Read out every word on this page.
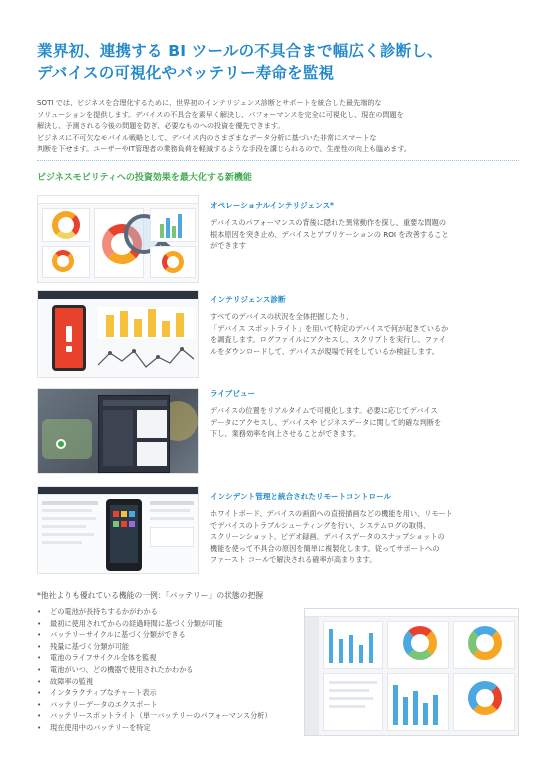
業界初、連携する BI ツールの不具合まで幅広く診断し、
デバイスの可視化やバッテリー寿命を監視

SOTI では、ビジネスを合理化するために、世界初のインテリジェンス診断とサポートを統合した最先端的な

ソリューションを提供します。デバイスの不具合を素早く解決し、パフォーマンスを完全に可視化し、現在の問題を

解決し、予測される今後の問題を防ぎ、必要なものへの投資を優先できます。

ビジネスに不可欠なモバイル戦略として、デバイス内のさまざまなデータ分析に基づいた非常にスマートな

判断を下せます。ユーザーやIT管理者の業務負荷を軽減するような手段を講じられるので、生産性の向上も臨めます。

ビジネスモビリティへの投資効果を最大化する新機能
オペレーショナルインテリジェンス*

デバイスのパフォーマンスの背後に隠れた異常動作を探し、重要な問題の
根本原因を突き止め、デバイスとアプリケーションの ROI を改善すること
ができます

インテリジェンス診断

すべてのデバイスの状況を全体把握したり、
「デバイス スポットライト」を用いて特定のデバイスで何が起きているか
を調査します。ログファイルにアクセスし、スクリプトを実行し、ファイ
ルをダウンロードして、デバイスが現場で何をしているか検証します。

ライブビュー

デバイスの位置をリアルタイムで可視化します。必要に応じてデバイス
データにアクセスし、デバイスや ビジネスデータに関して的確な判断を
下し、業務効率を向上させることができます。

インシデント管理と統合されたリモートコントロール

ホワイトボード、デバイスの画面への直接描画などの機能を用い、リモート
でデバイスのトラブルシューティングを行い、システムログの取得、
スクリーンショット、ビデオ録画、デバイスデータのスナップショットの
機能を使って不具合の原因を簡単に複製化します。従ってサポートへの
ファースト コールで解決される確率が高まります。

*他社よりも優れている機能の一例：「バッテリー」の状態の把握
• どの電池が長持ちするかがわかる
• 最初に使用されてからの経過時間に基づく分類が可能
• バッテリーサイクルに基づく分類ができる
• 残量に基づく分類が可能
• 電池のライフサイクル全体を監視
• 電池がいつ、どの機器で使用されたかわかる
• 故障率の監視
• インタラクティブなチャート表示
• バッテリーデータのエクスポート
• バッテリースポットライト（単一バッテリーのパフォーマンス分析）
• 現在使用中のバッテリーを特定
